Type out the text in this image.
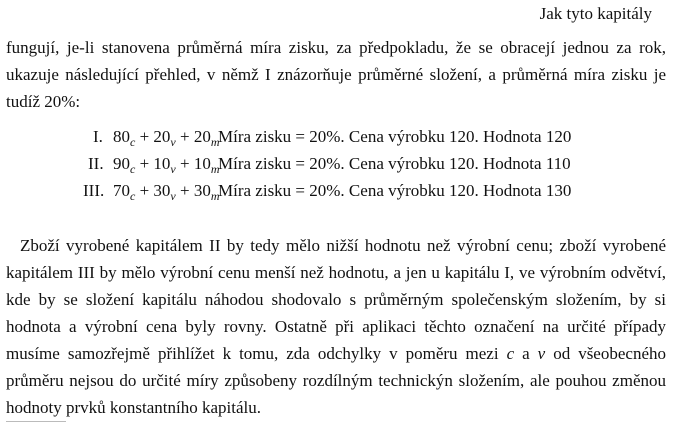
Jak tyto kapitály

fungují, je-li stanovena průměrná míra zisku, za předpokladu, že se obracejí jednou za rok, ukazuje následující přehled, v němž I znázorňuje průměrné složení, a průměrná míra zisku je tudíž 20%:

I. $80_c + 20_v + 20_m$
Míra zisku = 20%. Cena výrobku 120. Hodnota 120
II. $90_c + 10_v + 10_m$
Míra zisku = 20%. Cena výrobku 120. Hodnota 110
III. $70_c + 30_v + 30_m$
Míra zisku = 20%. Cena výrobku 120. Hodnota 130

Zboží vyrobené kapitálem II by tedy mělo nižší hodnotu než výrobní cenu; zboží vyrobené kapitálem III by mělo výrobní cenu menší než hodnotu, a jen u kapitálu I, ve výrobním odvětví, kde by se složení kapitálu náhodou shodovalo s průměrným společenským složením, by si hodnota a výrobní cena byly rovny. Ostatně při aplikaci těchto označení na určité případy musíme samozřejmě přihlížet k tomu, zda odchylky v poměru mezi c a v od všeobecného průměru nejsou do určité míry způsobeny rozdílným technickýn složením, ale pouhou změnou hodnoty prvků konstantního kapitálu.
